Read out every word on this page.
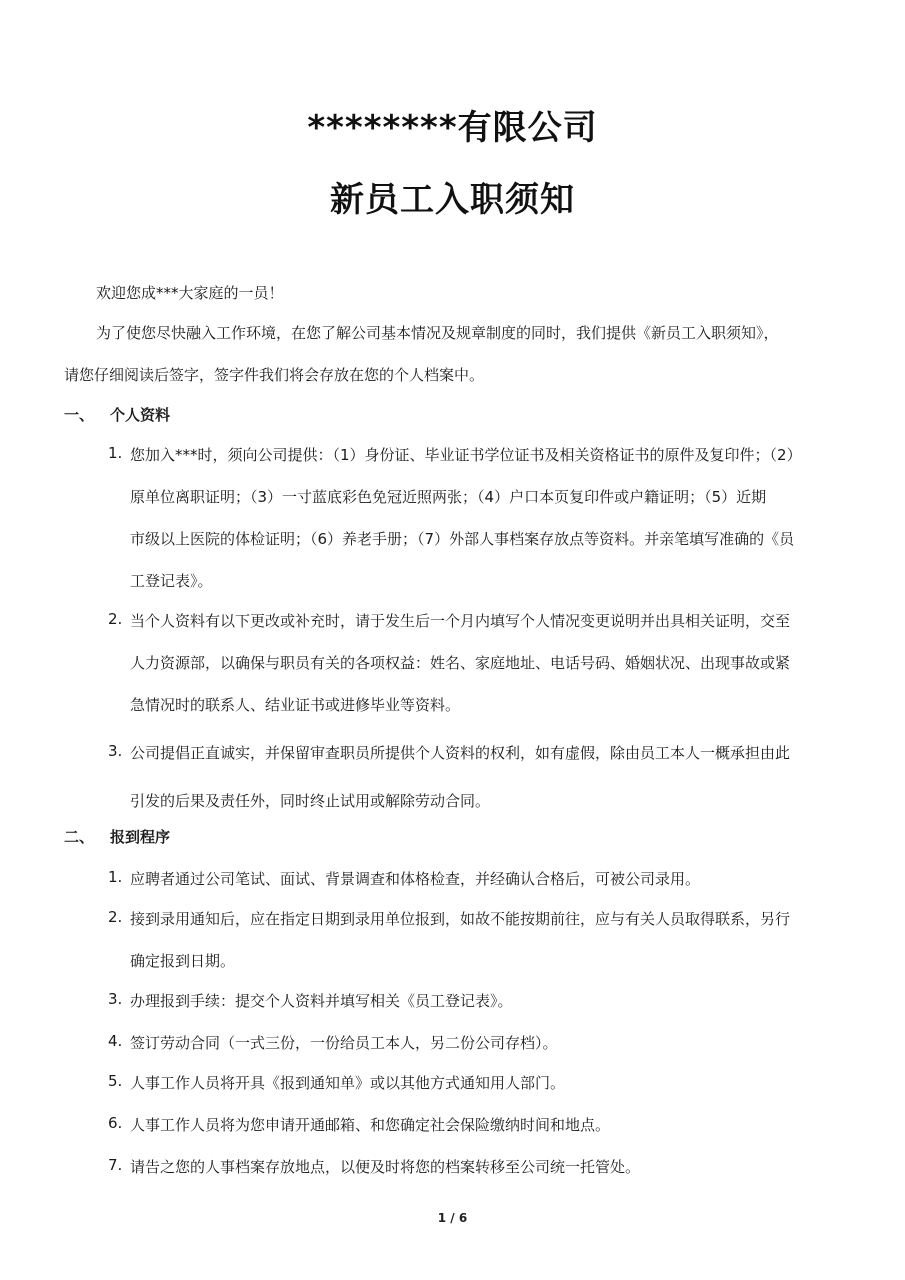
********有限公司
新员工入职须知
欢迎您成***大家庭的一员！
为了使您尽快融入工作环境，在您了解公司基本情况及规章制度的同时，我们提供《新员工入职须知》，
请您仔细阅读后签字，签字件我们将会存放在您的个人档案中。
一、 个人资料
1. 您加入***时，须向公司提供：（1）身份证、毕业证书学位证书及相关资格证书的原件及复印件；（2）
原单位离职证明；（3）一寸蓝底彩色免冠近照两张；（4）户口本页复印件或户籍证明；（5）近期
市级以上医院的体检证明；（6）养老手册；（7）外部人事档案存放点等资料。并亲笔填写准确的《员
工登记表》。
2. 当个人资料有以下更改或补充时，请于发生后一个月内填写个人情况变更说明并出具相关证明，交至
人力资源部，以确保与职员有关的各项权益：姓名、家庭地址、电话号码、婚姻状况、出现事故或紧
急情况时的联系人、结业证书或进修毕业等资料。
3. 公司提倡正直诚实，并保留审查职员所提供个人资料的权利，如有虚假，除由员工本人一概承担由此
引发的后果及责任外，同时终止试用或解除劳动合同。
二、 报到程序
1. 应聘者通过公司笔试、面试、背景调查和体格检查，并经确认合格后，可被公司录用。
2. 接到录用通知后，应在指定日期到录用单位报到，如故不能按期前往，应与有关人员取得联系，另行
确定报到日期。
3. 办理报到手续：提交个人资料并填写相关《员工登记表》。
4. 签订劳动合同（一式三份，一份给员工本人，另二份公司存档）。
5. 人事工作人员将开具《报到通知单》或以其他方式通知用人部门。
6. 人事工作人员将为您申请开通邮箱、和您确定社会保险缴纳时间和地点。
7. 请告之您的人事档案存放地点，以便及时将您的档案转移至公司统一托管处。
1 / 6
